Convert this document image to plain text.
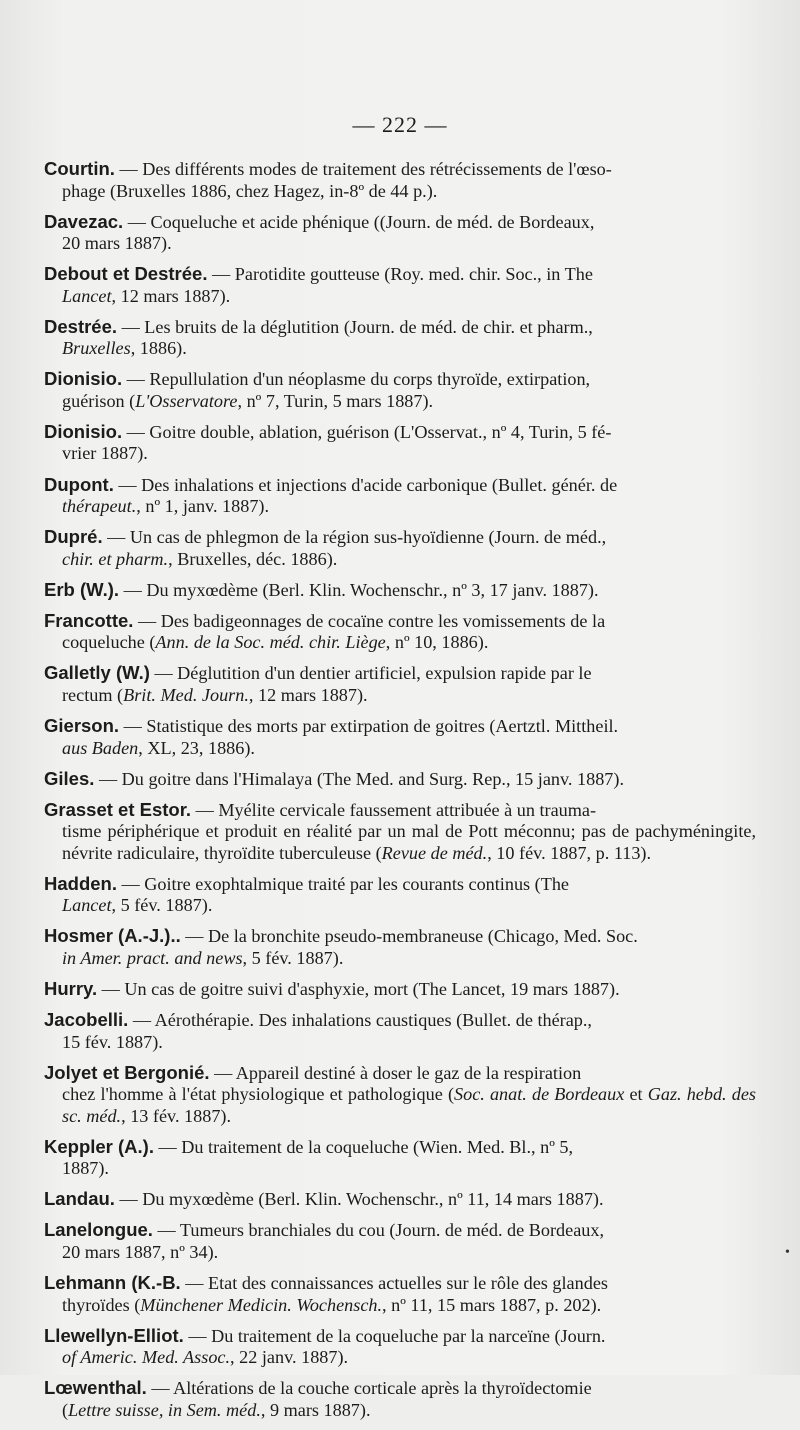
— 222 —
Courtin. — Des différents modes de traitement des rétrécissements de l'œso-
phage (Bruxelles 1886, chez Hagez, in-8º de 44 p.).
Davezac. — Coqueluche et acide phénique ((Journ. de méd. de Bordeaux,
20 mars 1887).
Debout et Destrée. — Parotidite goutteuse (Roy. med. chir. Soc., in The
Lancet, 12 mars 1887).
Destrée. — Les bruits de la déglutition (Journ. de méd. de chir. et pharm.,
Bruxelles, 1886).
Dionisio. — Repullulation d'un néoplasme du corps thyroïde, extirpation,
guérison (L'Osservatore, nº 7, Turin, 5 mars 1887).
Dionisio. — Goitre double, ablation, guérison (L'Osservat., nº 4, Turin, 5 fé-
vrier 1887).
Dupont. — Des inhalations et injections d'acide carbonique (Bullet. génér. de
thérapeut., nº 1, janv. 1887).
Dupré. — Un cas de phlegmon de la région sus-hyoïdienne (Journ. de méd.,
chir. et pharm., Bruxelles, déc. 1886).
Erb (W.). — Du myxœdème (Berl. Klin. Wochenschr., nº 3, 17 janv. 1887).
Francotte. — Des badigeonnages de cocaïne contre les vomissements de la
coqueluche (Ann. de la Soc. méd. chir. Liège, nº 10, 1886).
Galletly (W.) — Déglutition d'un dentier artificiel, expulsion rapide par le
rectum (Brit. Med. Journ., 12 mars 1887).
Gierson. — Statistique des morts par extirpation de goitres (Aertztl. Mittheil.
aus Baden, XL, 23, 1886).
Giles. — Du goitre dans l'Himalaya (The Med. and Surg. Rep., 15 janv. 1887).
Grasset et Estor. — Myélite cervicale faussement attribuée à un trauma-
tisme périphérique et produit en réalité par un mal de Pott méconnu; pas de pachyméningite, névrite radiculaire, thyroïdite tuberculeuse (Revue de méd., 10 fév. 1887, p. 113).
Hadden. — Goitre exophtalmique traité par les courants continus (The
Lancet, 5 fév. 1887).
Hosmer (A.-J.).. — De la bronchite pseudo-membraneuse (Chicago, Med. Soc.
in Amer. pract. and news, 5 fév. 1887).
Hurry. — Un cas de goitre suivi d'asphyxie, mort (The Lancet, 19 mars 1887).
Jacobelli. — Aérothérapie. Des inhalations caustiques (Bullet. de thérap.,
15 fév. 1887).
Jolyet et Bergonié. — Appareil destiné à doser le gaz de la respiration
chez l'homme à l'état physiologique et pathologique (Soc. anat. de Bordeaux et Gaz. hebd. des sc. méd., 13 fév. 1887).
Keppler (A.). — Du traitement de la coqueluche (Wien. Med. Bl., nº 5,
1887).
Landau. — Du myxœdème (Berl. Klin. Wochenschr., nº 11, 14 mars 1887).
Lanelongue. — Tumeurs branchiales du cou (Journ. de méd. de Bordeaux,
20 mars 1887, nº 34).
Lehmann (K.-B. — Etat des connaissances actuelles sur le rôle des glandes
thyroïdes (Münchener Medicin. Wochensch., nº 11, 15 mars 1887, p. 202).
Llewellyn-Elliot. — Du traitement de la coqueluche par la narceïne (Journ.
of Americ. Med. Assoc., 22 janv. 1887).
Lœwenthal. — Altérations de la couche corticale après la thyroïdectomie
(Lettre suisse, in Sem. méd., 9 mars 1887).
•
